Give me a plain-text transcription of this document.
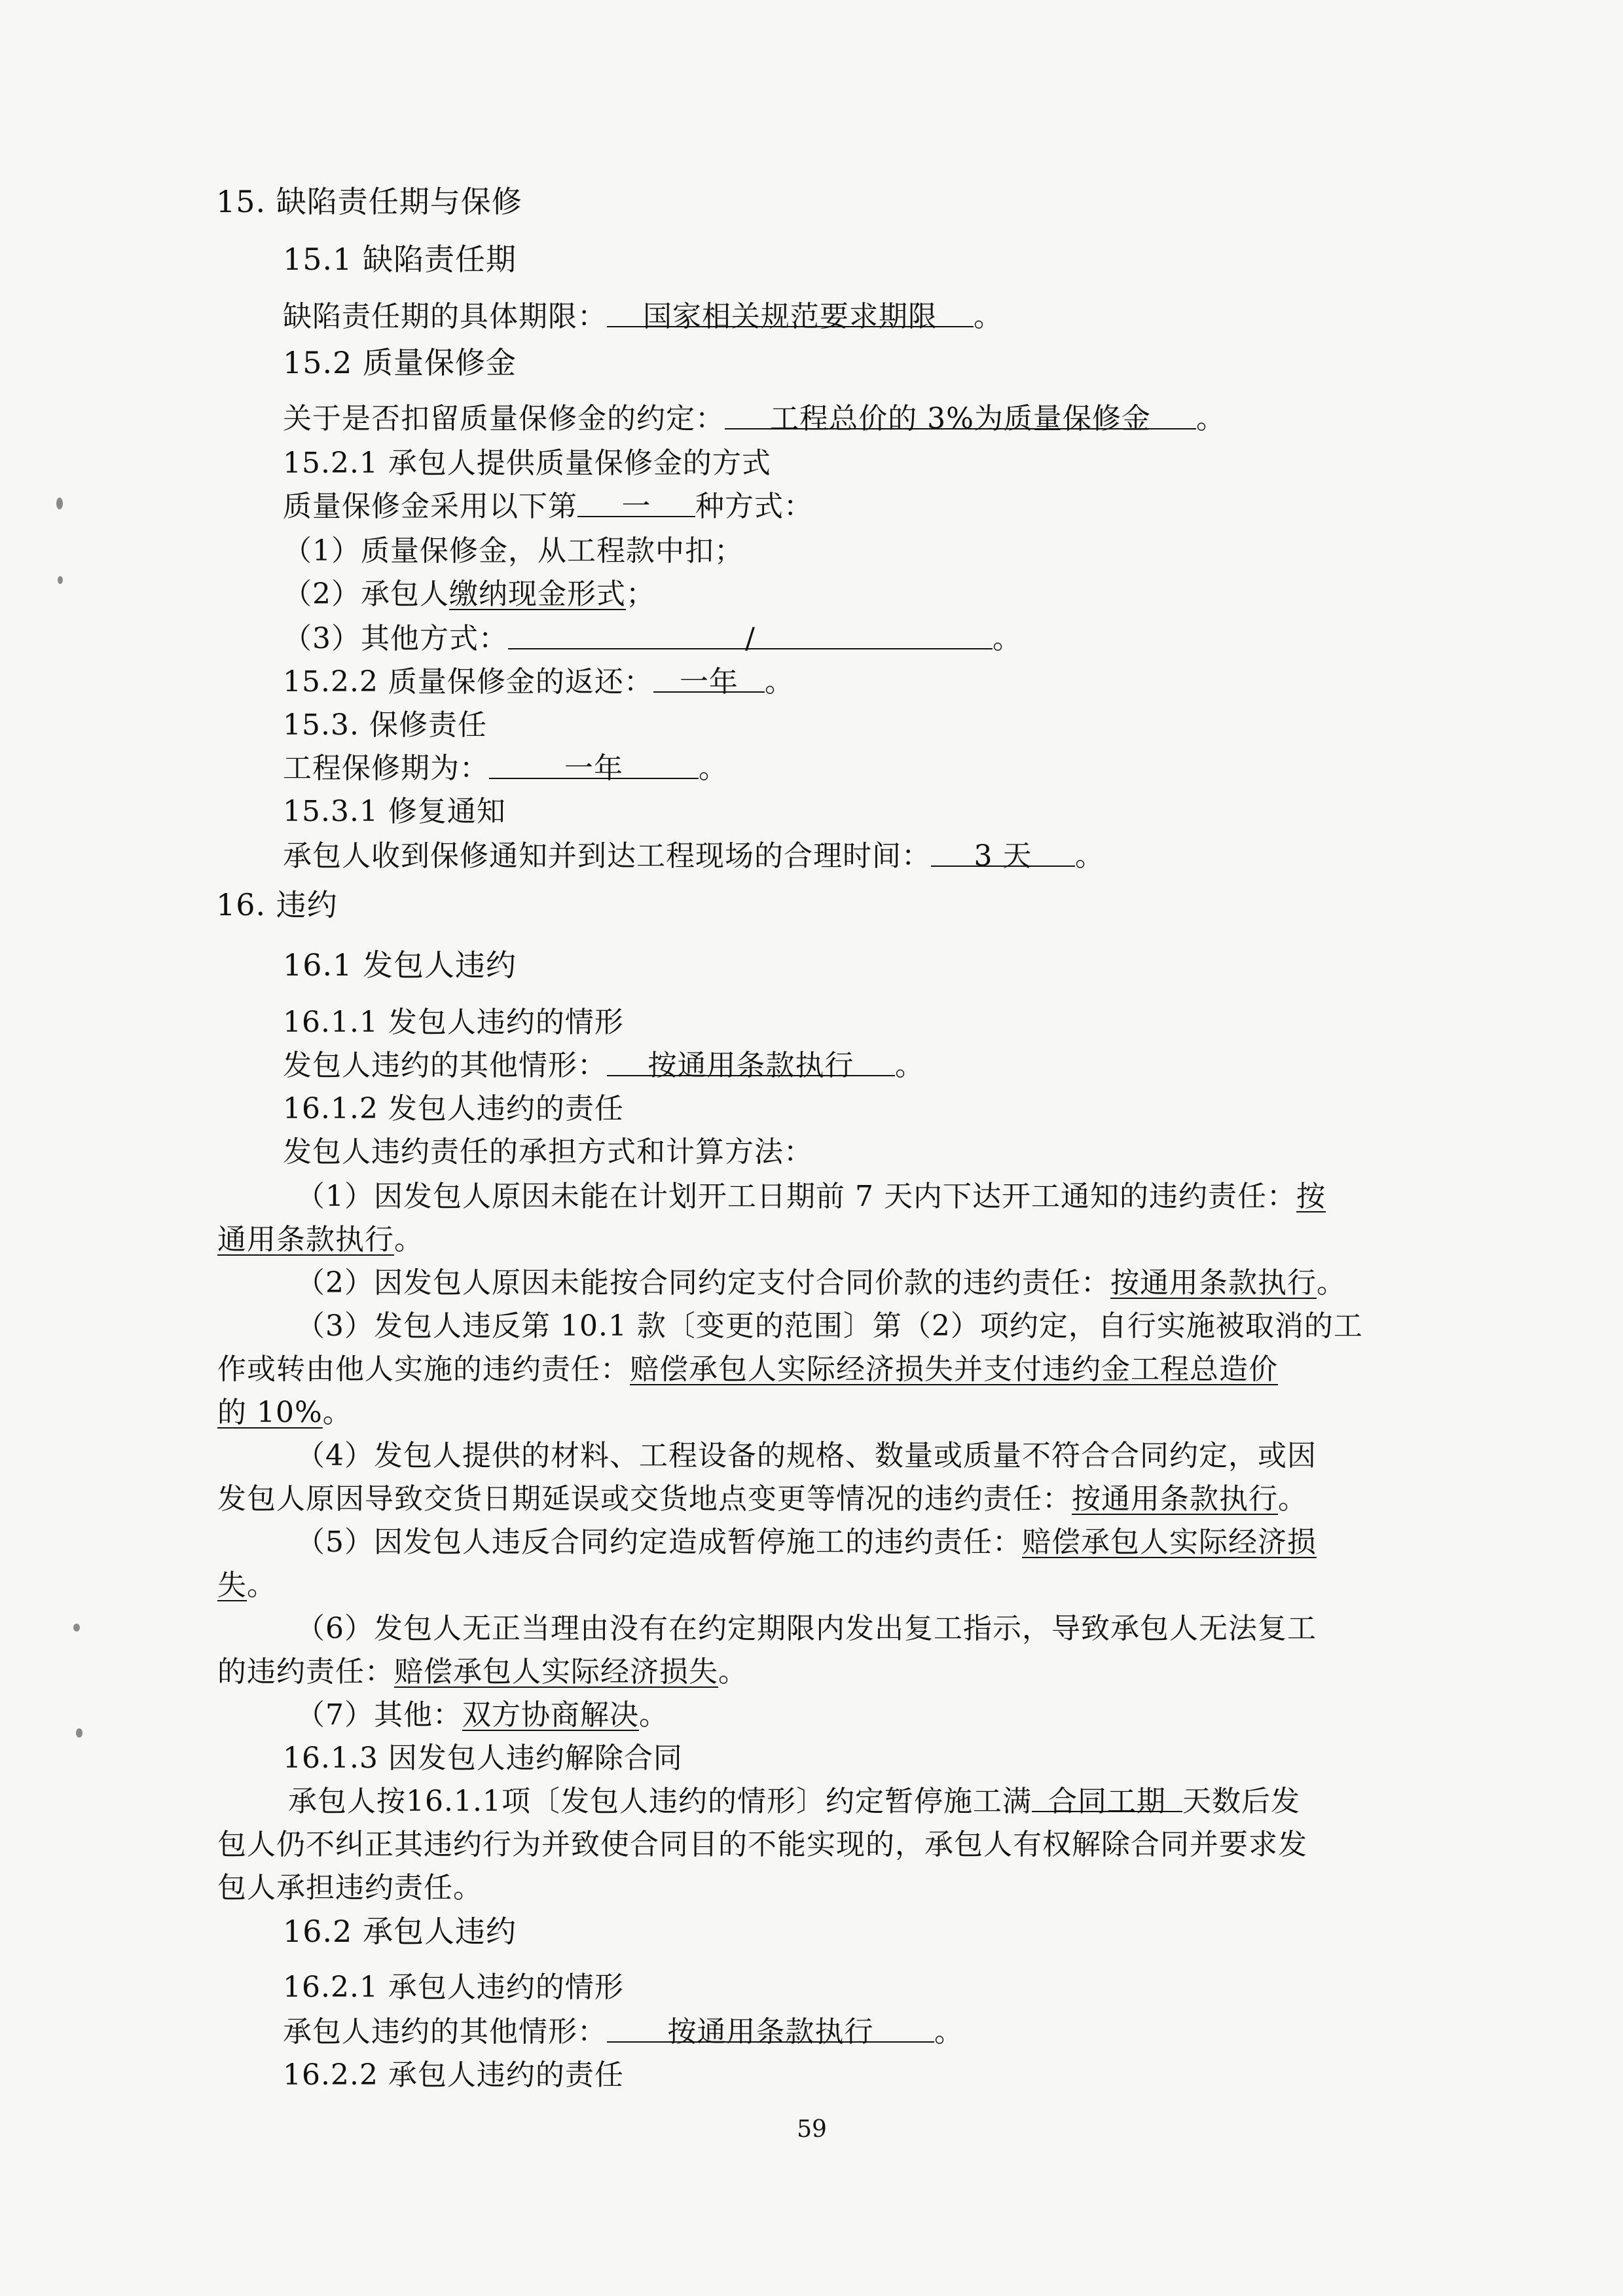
15. 缺陷责任期与保修
15.1 缺陷责任期
缺陷责任期的具体期限： 国家相关规范要求期限 。
15.2 质量保修金
关于是否扣留质量保修金的约定： 工程总价的 3%为质量保修金 。
15.2.1 承包人提供质量保修金的方式
质量保修金采用以下第 一 种方式：
（1）质量保修金，从工程款中扣；
（2）承包人缴纳现金形式；
（3）其他方式：	/	。
15.2.2 质量保修金的返还： 一年 。
15.3. 保修责任
工程保修期为：	一年	。
15.3.1 修复通知
承包人收到保修通知并到达工程现场的合理时间： 3 天 。
16. 违约
16.1 发包人违约
16.1.1 发包人违约的情形
发包人违约的其他情形： 按通用条款执行 。
16.1.2 发包人违约的责任
发包人违约责任的承担方式和计算方法：
（1）因发包人原因未能在计划开工日期前 7 天内下达开工通知的违约责任：按
通用条款执行。
（2）因发包人原因未能按合同约定支付合同价款的违约责任：按通用条款执行。
（3）发包人违反第 10.1 款〔变更的范围〕第（2）项约定，自行实施被取消的工
作或转由他人实施的违约责任：赔偿承包人实际经济损失并支付违约金工程总造价
的 10%。
（4）发包人提供的材料、工程设备的规格、数量或质量不符合合同约定，或因
发包人原因导致交货日期延误或交货地点变更等情况的违约责任：按通用条款执行。
（5）因发包人违反合同约定造成暂停施工的违约责任：赔偿承包人实际经济损
失。
（6）发包人无正当理由没有在约定期限内发出复工指示，导致承包人无法复工
的违约责任：赔偿承包人实际经济损失。
（7）其他：双方协商解决。
16.1.3 因发包人违约解除合同
承包人按16.1.1项〔发包人违约的情形〕约定暂停施工满 合同工期 天数后发
包人仍不纠正其违约行为并致使合同目的不能实现的，承包人有权解除合同并要求发
包人承担违约责任。
16.2 承包人违约
16.2.1 承包人违约的情形
承包人违约的其他情形： 按通用条款执行 。
16.2.2 承包人违约的责任
59
